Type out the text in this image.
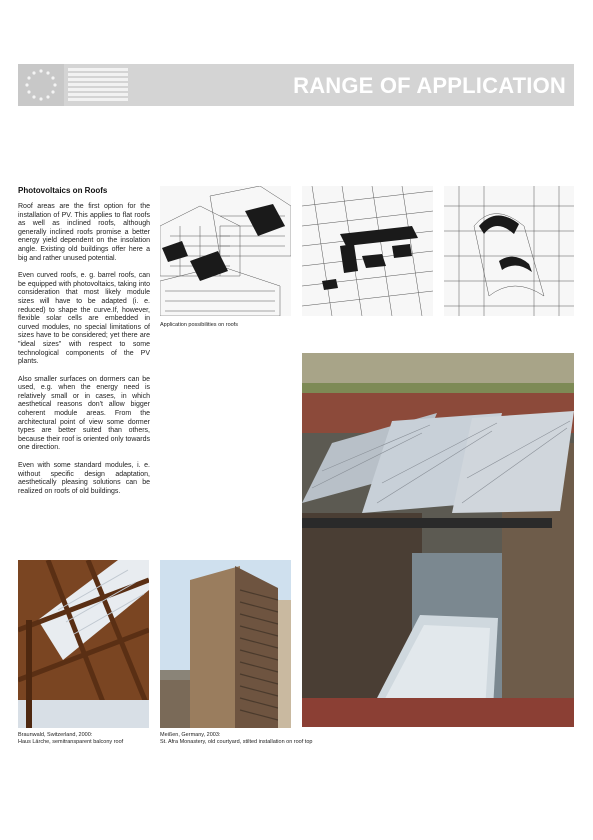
RANGE OF APPLICATION
Photovoltaics on Roofs

Roof areas are the first option for the installation of PV. This applies to flat roofs as well as inclined roofs, although generally inclined roofs promise a better energy yield dependent on the insolation angle. Existing old buildings offer here a big and rather unused potential.

Even curved roofs, e. g. barrel roofs, can be equipped with photovoltaics, taking into consideration that most likely module sizes will have to be adapted (i. e. reduced) to shape the curve.If, however, flexible solar cells are embedded in curved modules, no special limitations of sizes have to be considered; yet there are "ideal sizes" with respect to some technological components of the PV plants.

Also smaller surfaces on dormers can be used, e.g. when the energy need is relatively small or in cases, in which aesthetical reasons don't allow bigger coherent module areas. From the architectural point of view some dormer types are better suited than others, because their roof is oriented only towards one direction.

Even with some standard modules, i. e. without specific design adaptation, aesthetically pleasing solutions can be realized on roofs of old buildings.

Application possibilities on roofs
Braunwald, Switzerland, 2000:
Haus Lärche, semitransparent balcony roof
Meißen, Germany, 2003:
St. Afra Monastery, old courtyard, stilted installation on roof top
